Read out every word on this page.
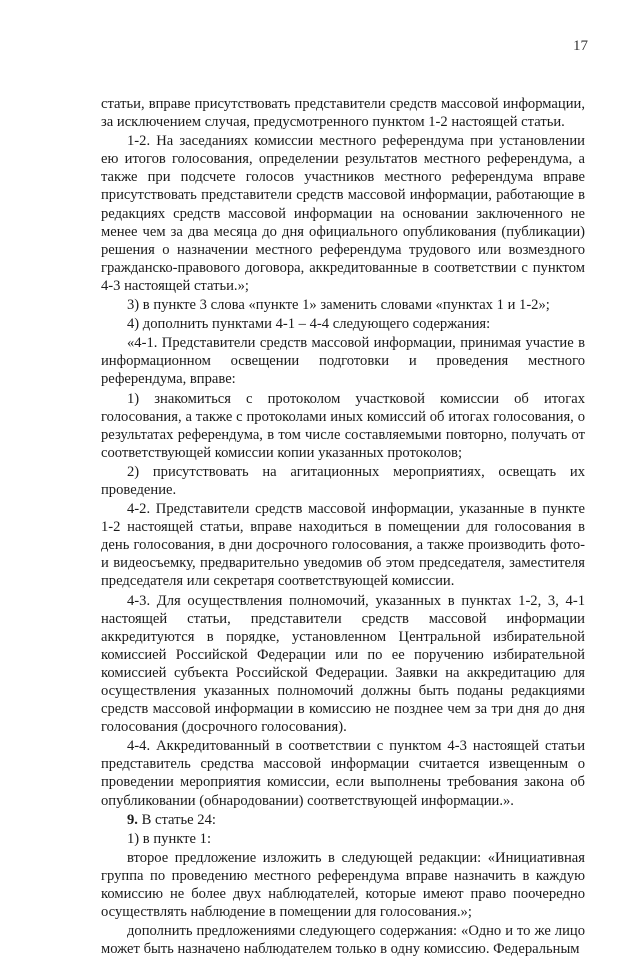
17

статьи, вправе присутствовать представители средств массовой информации, за исключением случая, предусмотренного пунктом 1-2 настоящей статьи.

1-2. На заседаниях комиссии местного референдума при установлении ею итогов голосования, определении результатов местного референдума, а также при подсчете голосов участников местного референдума вправе присутствовать представители средств массовой информации, работающие в редакциях средств массовой информации на основании заключенного не менее чем за два месяца до дня официального опубликования (публикации) решения о назначении местного референдума трудового или возмездного гражданско-правового договора, аккредитованные в соответствии с пунктом 4-3 настоящей статьи.»;

3) в пункте 3 слова «пункте 1» заменить словами «пунктах 1 и 1-2»;

4) дополнить пунктами 4-1 – 4-4 следующего содержания:

«4-1. Представители средств массовой информации, принимая участие в информационном освещении подготовки и проведения местного референдума, вправе:

1) знакомиться с протоколом участковой комиссии об итогах голосования, а также с протоколами иных комиссий об итогах голосования, о результатах референдума, в том числе составляемыми повторно, получать от соответствующей комиссии копии указанных протоколов;

2) присутствовать на агитационных мероприятиях, освещать их проведение.

4-2. Представители средств массовой информации, указанные в пункте 1-2 настоящей статьи, вправе находиться в помещении для голосования в день голосования, в дни досрочного голосования, а также производить фото- и видеосъемку, предварительно уведомив об этом председателя, заместителя председателя или секретаря соответствующей комиссии.

4-3. Для осуществления полномочий, указанных в пунктах 1-2, 3, 4-1 настоящей статьи, представители средств массовой информации аккредитуются в порядке, установленном Центральной избирательной комиссией Российской Федерации или по ее поручению избирательной комиссией субъекта Российской Федерации. Заявки на аккредитацию для осуществления указанных полномочий должны быть поданы редакциями средств массовой информации в комиссию не позднее чем за три дня до дня голосования (досрочного голосования).

4-4. Аккредитованный в соответствии с пунктом 4-3 настоящей статьи представитель средства массовой информации считается извещенным о проведении мероприятия комиссии, если выполнены требования закона об опубликовании (обнародовании) соответствующей информации.».

9. В статье 24:

1) в пункте 1:

второе предложение изложить в следующей редакции: «Инициативная группа по проведению местного референдума вправе назначить в каждую комиссию не более двух наблюдателей, которые имеют право поочередно осуществлять наблюдение в помещении для голосования.»;

дополнить предложениями следующего содержания: «Одно и то же лицо может быть назначено наблюдателем только в одну комиссию. Федеральным
